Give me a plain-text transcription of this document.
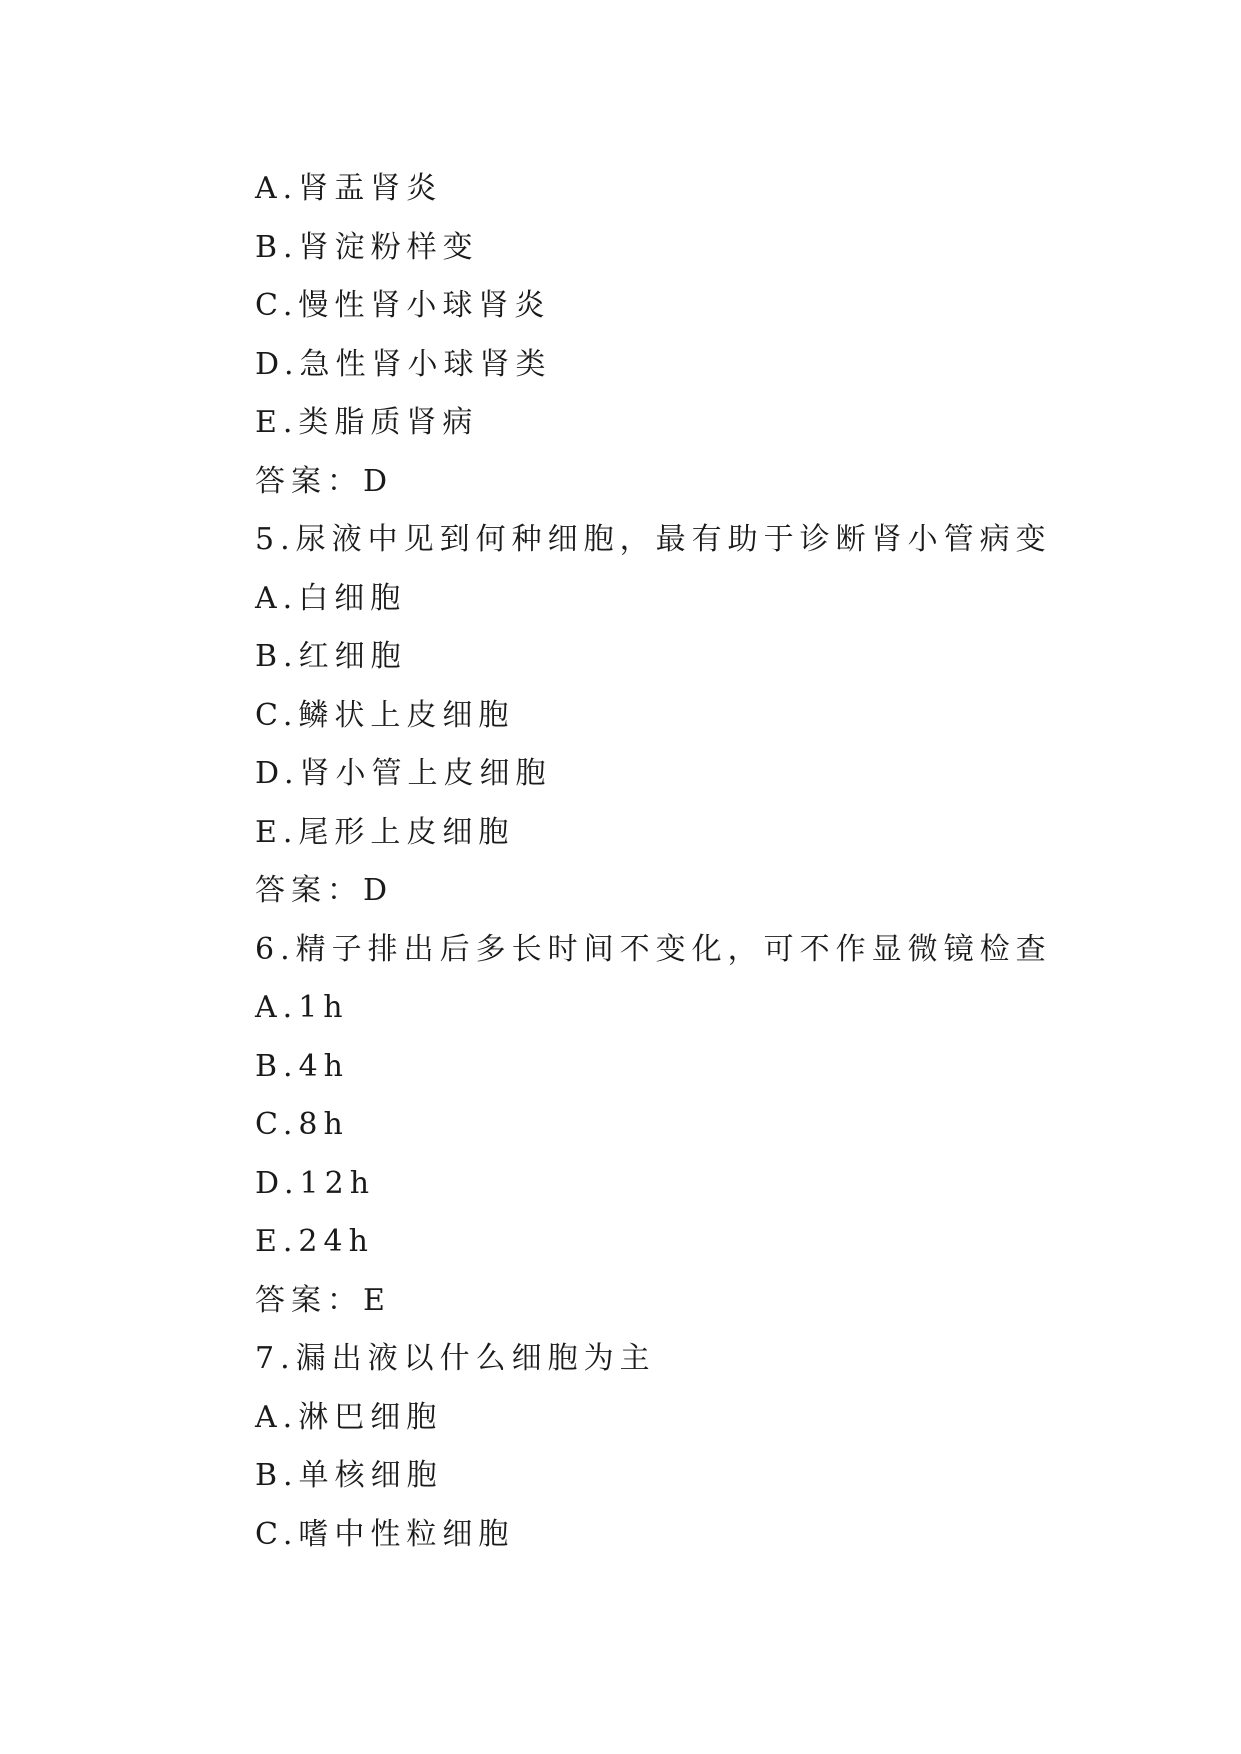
A.肾盂肾炎
B.肾淀粉样变
C.慢性肾小球肾炎
D.急性肾小球肾类
E.类脂质肾病
答案：D
5.尿液中见到何种细胞，最有助于诊断肾小管病变
A.白细胞
B.红细胞
C.鳞状上皮细胞
D.肾小管上皮细胞
E.尾形上皮细胞
答案：D
6.精子排出后多长时间不变化，可不作显微镜检查
A.1h
B.4h
C.8h
D.12h
E.24h
答案：E
7.漏出液以什么细胞为主
A.淋巴细胞
B.单核细胞
C.嗜中性粒细胞
